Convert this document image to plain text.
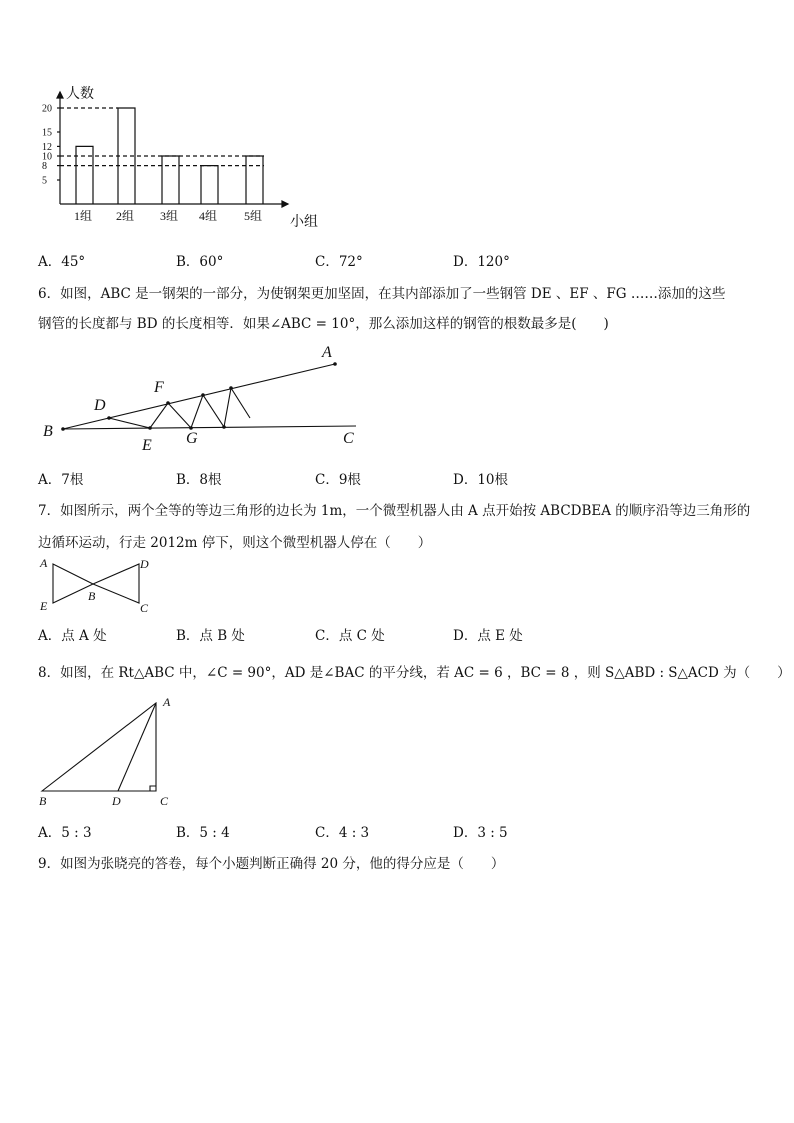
5
8
10
12
15
20
1组 2组 3组 4组 5组
人数
小组
A．45°	B．60°	C．72°	D．120°
6．如图，ABC 是一钢架的一部分，为使钢架更加坚固，在其内部添加了一些钢管 DE 、EF 、FG ……添加的这些
钢管的长度都与 BD 的长度相等．如果∠ABC = 10°，那么添加这样的钢管的根数最多是(　　)
A
B	C
D
E
F
G
A．7根	B．8根	C．9根	D．10根
7．如图所示，两个全等的等边三角形的边长为 1m，一个微型机器人由 A 点开始按 ABCDBEA 的顺序沿等边三角形的
边循环运动，行走 2012m 停下，则这个微型机器人停在（　　）
A
B
C
D
E
A．点 A 处	B．点 B 处	C．点 C 处	D．点 E 处
8．如图，在 Rt△ABC 中，∠C = 90°，AD 是∠BAC 的平分线，若 AC = 6 ，BC = 8 ，则 S△ABD : S△ACD 为（　　）
A
B	C
D
A．5 : 3	B．5 : 4	C．4 : 3	D．3 : 5
9．如图为张晓亮的答卷，每个小题判断正确得 20 分，他的得分应是（　　）
